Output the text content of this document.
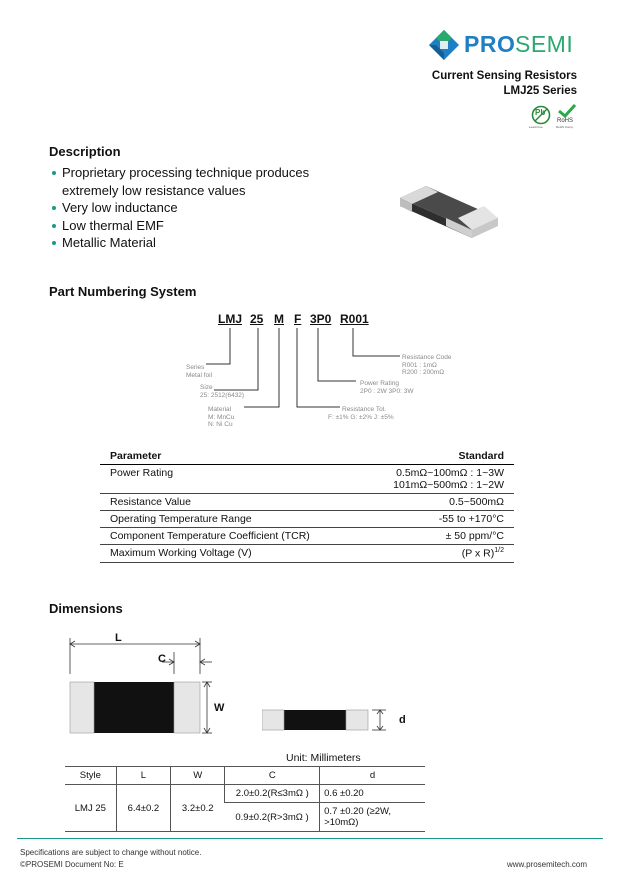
PRO SEMI
Current Sensing Resistors
LMJ25 Series
Pb
Lead Free
RoHS
RoHS Comp.
Description
Proprietary processing technique produces
extremely low resistance values
Very low inductance
Low thermal EMF
Metallic Material
Part Numbering System
LMJ 25 M F 3P0 R001
Series
Metal foil
Size
25: 2512(6432)
Material
M: MnCu
N: Ni Cu
Resistance Tol.
F: ±1% G: ±2% J: ±5%
Power Rating
2P0 : 2W 3P0: 3W
Resistance Code
R001 : 1mΩ
R200 : 200mΩ
Parameter	Standard
Power Rating	0.5mΩ~100mΩ : 1~3W
101mΩ~500mΩ : 1~2W

Resistance Value	0.5~500mΩ
Operating Temperature Range	-55 to +170°C
Component Temperature Coefficient (TCR)	± 50 ppm/°C
Maximum Working Voltage (V)	(P x R)$^{1/2}$
Dimensions
L
C
W
d
Unit: Millimeters
Style	L	W	C	d
LMJ 25	6.4±0.2	3.2±0.2	2.0±0.2(R≤3mΩ )	0.6 ±0.20
			0.9±0.2(R>3mΩ )	0.7 ±0.20 (≥2W, >10mΩ)
Specifications are subject to change without notice.
©PROSEMI Document No: E	www.prosemitech.com
